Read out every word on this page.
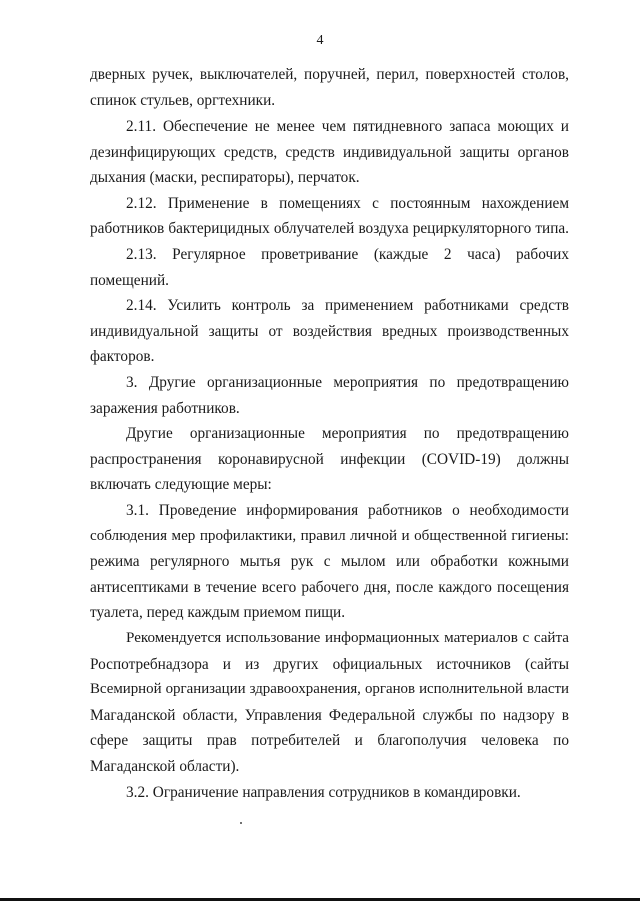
4
дверных ручек, выключателей, поручней, перил, поверхностей столов,
спинок стульев, оргтехники.
2.11. Обеспечение не менее чем пятидневного запаса моющих и
дезинфицирующих средств, средств индивидуальной защиты органов
дыхания (маски, респираторы), перчаток.
2.12. Применение в помещениях с постоянным нахождением
работников бактерицидных облучателей воздуха рециркуляторного типа.
2.13. Регулярное проветривание (каждые 2 часа) рабочих
помещений.
2.14. Усилить контроль за применением работниками средств
индивидуальной защиты от воздействия вредных производственных
факторов.
3. Другие организационные мероприятия по предотвращению
заражения работников.
Другие организационные мероприятия по предотвращению
распространения коронавирусной инфекции (COVID-19) должны
включать следующие меры:
3.1. Проведение информирования работников о необходимости
соблюдения мер профилактики, правил личной и общественной гигиены:
режима регулярного мытья рук с мылом или обработки кожными
антисептиками в течение всего рабочего дня, после каждого посещения
туалета, перед каждым приемом пищи.
Рекомендуется использование информационных материалов с сайта
Роспотребнадзора и из других официальных источников (сайты
Всемирной организации здравоохранения, органов исполнительной власти
Магаданской области, Управления Федеральной службы по надзору в
сфере защиты прав потребителей и благополучия человека по
Магаданской области).
3.2. Ограничение направления сотрудников в командировки.
